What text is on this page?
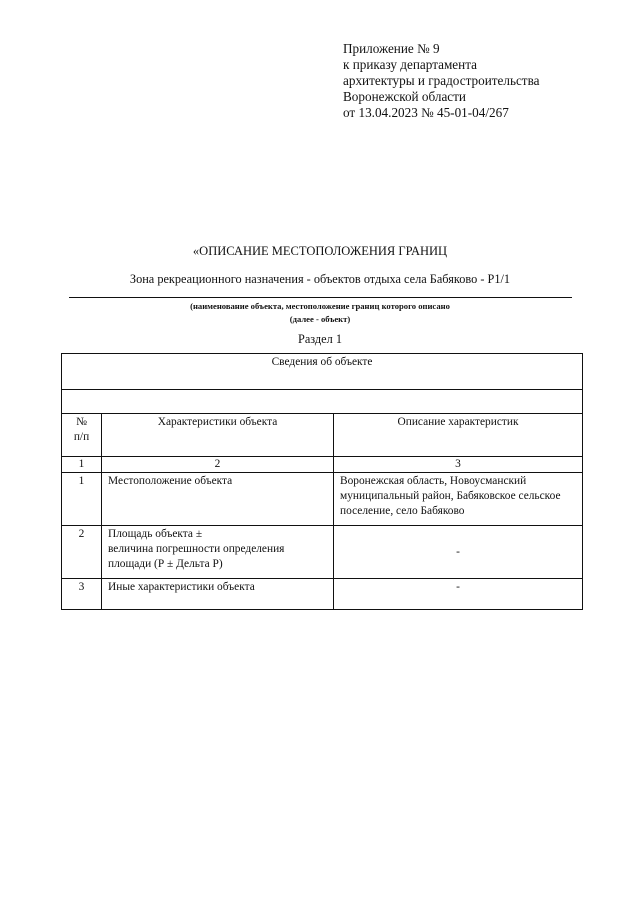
Приложение № 9
к приказу департамента
архитектуры и градостроительства
Воронежской области
от 13.04.2023 № 45-01-04/267
«ОПИСАНИЕ МЕСТОПОЛОЖЕНИЯ ГРАНИЦ
Зона рекреационного назначения - объектов отдыха села Бабяково - Р1/1
(наименование объекта, местоположение границ которого описано
(далее - объект)
Раздел 1
Сведения об объекте		

№
п/п	Характеристики объекта	Описание характеристик
1	2	3
1	Местоположение объекта	Воронежская область, Новоусманский муниципальный район, Бабяковское сельское поселение, село Бабяково
2	Площадь объекта ±
величина погрешности определения
площади (Р ± Дельта Р)	-
3	Иные характеристики объекта	-
